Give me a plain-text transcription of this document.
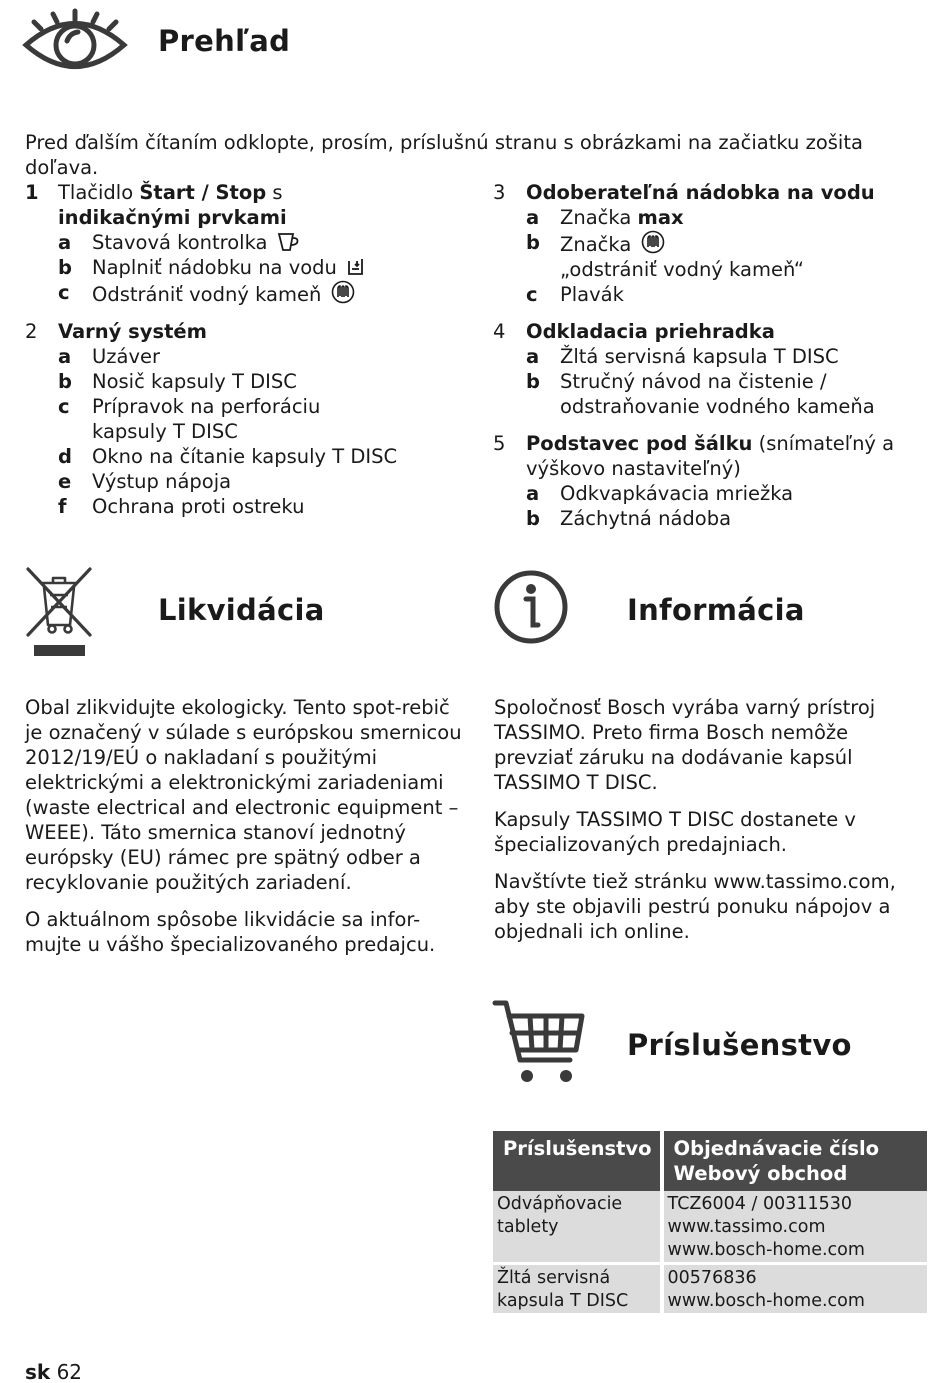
Prehľad
Pred ďalším čítaním odklopte, prosím, príslušnú stranu s obrázkami na začiatku zošita doľava.
1 Tlačidlo Štart / Stop s
indikačnými prvkami
a Stavová kontrolka
b Naplniť nádobku na vodu
c Odstrániť vodný kameň
2 Varný systém
a Uzáver
b Nosič kapsuly T DISC
c Prípravok na perforáciu
kapsuly T DISC
d Okno na čítanie kapsuly T DISC
e Výstup nápoja
f Ochrana proti ostreku
3 Odoberateľná nádobka na vodu
a Značka max
b Značka
„odstrániť vodný kameň“
c Plavák
4 Odkladacia priehradka
a Žltá servisná kapsula T DISC
b Stručný návod na čistenie /
odstraňovanie vodného kameňa
5 Podstavec pod šálku (snímateľný a
výškovo nastaviteľný)
a Odkvapkávacia mriežka
b Záchytná nádoba
Likvidácia

Obal zlikvidujte ekologicky. Tento spot-rebič je označený v súlade s európskou smernicou 2012/19/EÚ o nakladaní s použitými elektrickými a elektronickými zariadeniami (waste electrical and electronic equipment – WEEE). Táto smernica stanoví jednotný európsky (EU) rámec pre spätný odber a recyklovanie použitých zariadení.

O aktuálnom spôsobe likvidácie sa infor-mujte u vášho špecializovaného predajcu.

Informácia

Spoločnosť Bosch vyrába varný prístroj TASSIMO. Preto firma Bosch nemôže prevziať záruku na dodávanie kapsúl TASSIMO T DISC.

Kapsuly TASSIMO T DISC dostanete v špecializovaných predajniach.

Navštívte tiež stránku www.tassimo.com, aby ste objavili pestrú ponuku nápojov a objednali ich online.

Príslušenstvo
Príslušenstvo	Objednávacie číslo
Webový obchod
Odvápňovacie
tablety	TCZ6004 / 00311530
www.tassimo.com
www.bosch-home.com
Žltá servisná
kapsula T DISC	00576836
www.bosch-home.com
sk 62
